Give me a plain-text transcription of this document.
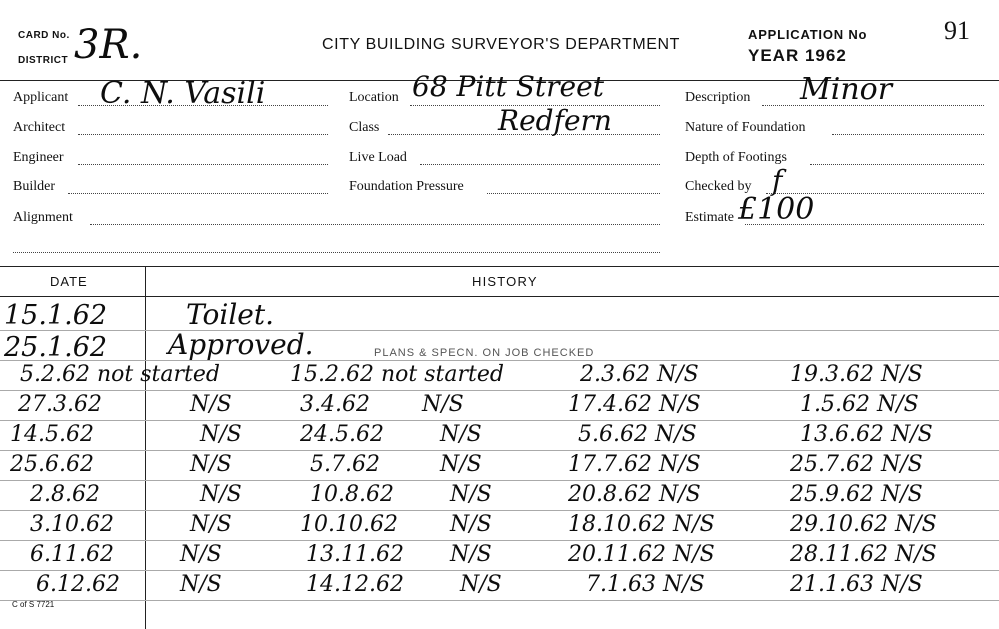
CARD No.
DISTRICT 3R.	CITY BUILDING SURVEYOR'S DEPARTMENT
APPLICATION No
YEAR 1962
91
Applicant C. N. Vasili
Architect
Engineer
Builder
Alignment
Location 68 Pitt Street
Class	Redfern
Live Load
Foundation Pressure
Description Minor
Nature of Foundation
Depth of Footings
Checked by f
Estimate £100
DATE	HISTORY
15.1.62	Toilet.
25.1.62 Approved.	PLANS & SPECN. ON JOB CHECKED
5.2.62 not started	15.2.62 not started	2.3.62 N/S	19.3.62 N/S
27.3.62	N/S	3.4.62 N/S	17.4.62 N/S	1.5.62 N/S
14.5.62	N/S	24.5.62	N/S	5.6.62 N/S	13.6.62 N/S
25.6.62	N/S	5.7.62	N/S	17.7.62 N/S	25.7.62 N/S
2.8.62	N/S	10.8.62	N/S	20.8.62 N/S	25.9.62 N/S
3.10.62	N/S	10.10.62 N/S	18.10.62 N/S	29.10.62 N/S
6.11.62	N/S	13.11.62 N/S	20.11.62 N/S	28.11.62 N/S
6.12.62	N/S	14.12.62	N/S	7.1.63 N/S	21.1.63 N/S
C of S 7721
